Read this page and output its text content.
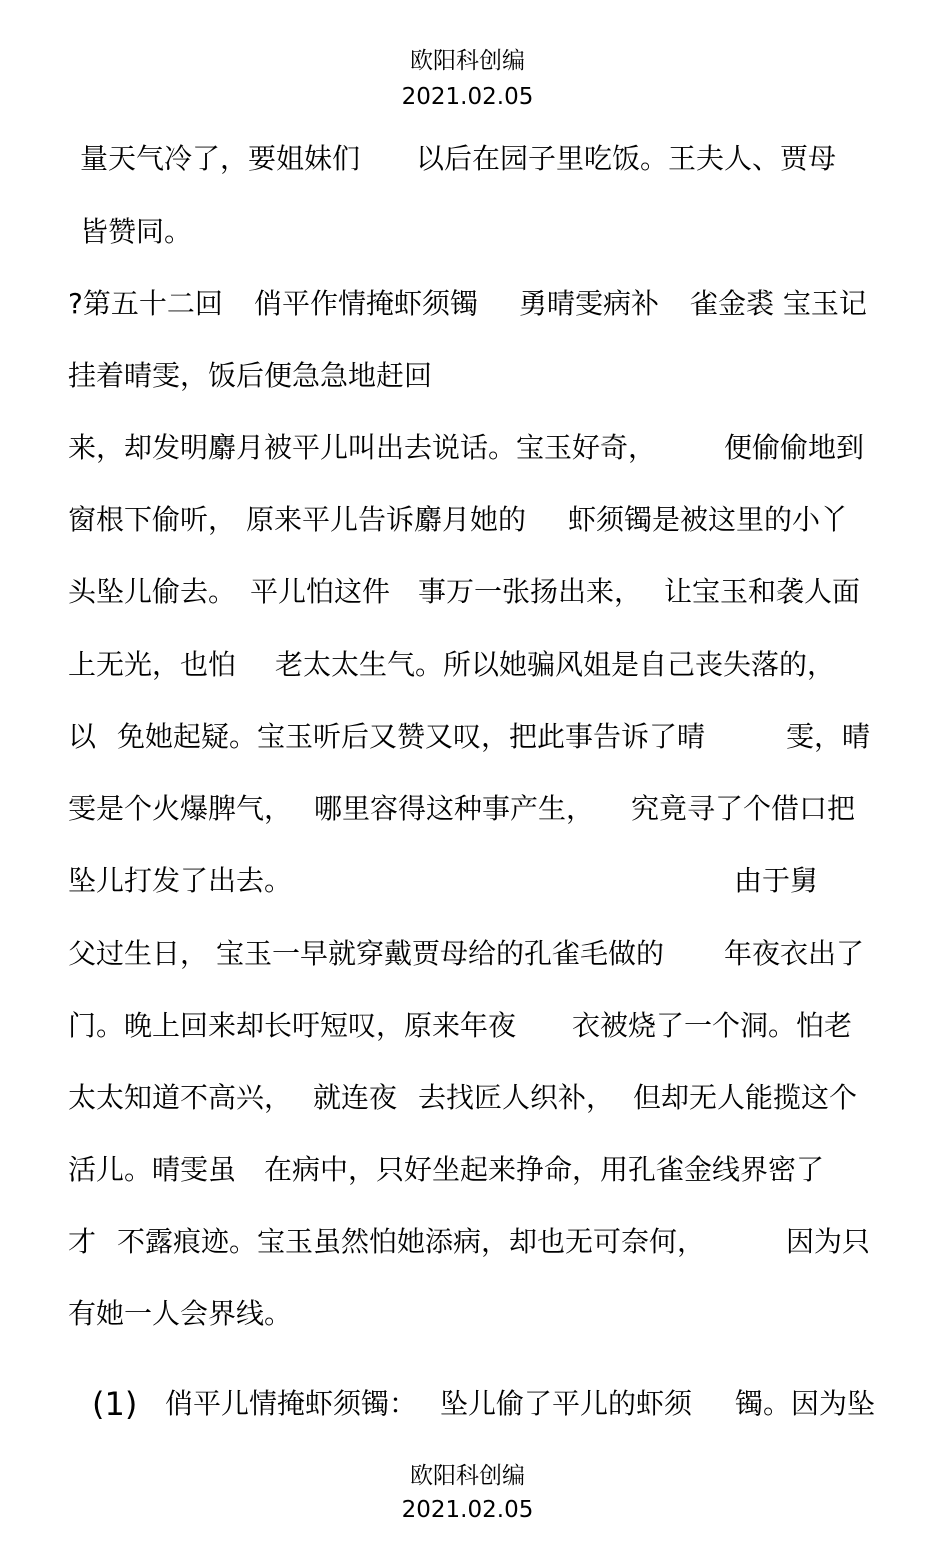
欧阳科创编
2021.02.05
量天气冷了，要姐妹们 以后在园子里吃饭。王夫人、贾母
皆赞同。
?第五十二回 俏平作情掩虾须镯 勇晴雯病补 雀金裘 宝玉记
挂着晴雯，饭后便急急地赶回
来，却发明麝月被平儿叫出去说话。宝玉好奇， 便偷偷地到
窗根下偷听， 原来平儿告诉麝月她的 虾须镯是被这里的小丫
头坠儿偷去。 平儿怕这件 事万一张扬出来， 让宝玉和袭人面
上无光，也怕 老太太生气。所以她骗风姐是自己丧失落的，
以 免她起疑。宝玉听后又赞又叹，把此事告诉了晴	雯，晴
雯是个火爆脾气， 哪里容得这种事产生， 究竟寻了个借口把
坠儿打发了出去。	由于舅
父过生日， 宝玉一早就穿戴贾母给的孔雀毛做的 年夜衣出了
门。晚上回来却长吁短叹，原来年夜 衣被烧了一个洞。怕老
太太知道不高兴， 就连夜 去找匠人织补， 但却无人能揽这个
活儿。晴雯虽 在病中，只好坐起来挣命，用孔雀金线界密了
才 不露痕迹。宝玉虽然怕她添病，却也无可奈何，	因为只
有她一人会界线。
(1) 俏平儿情掩虾须镯： 坠儿偷了平儿的虾须 镯。因为坠
欧阳科创编
2021.02.05
